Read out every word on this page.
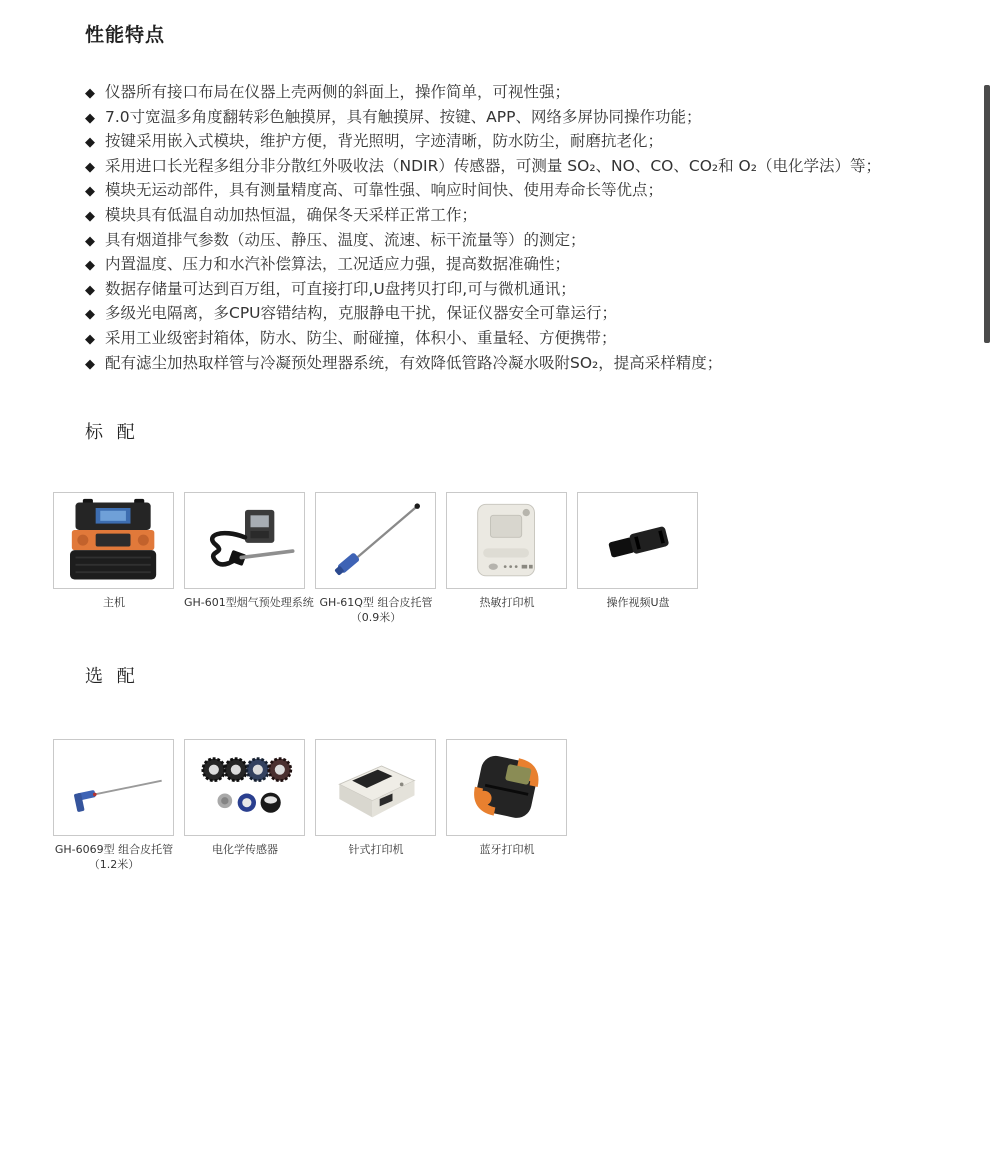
性能特点
◆ 仪器所有接口布局在仪器上壳两侧的斜面上，操作简单，可视性强；
◆ 7.0寸宽温多角度翻转彩色触摸屏，具有触摸屏、按键、APP、网络多屏协同操作功能；
◆ 按键采用嵌入式模块，维护方便，背光照明，字迹清晰，防水防尘，耐磨抗老化；
◆ 采用进口长光程多组分非分散红外吸收法（NDIR）传感器，可测量 SO₂、NO、CO、CO₂和 O₂（电化学法）等；
◆ 模块无运动部件，具有测量精度高、可靠性强、响应时间快、使用寿命长等优点；
◆ 模块具有低温自动加热恒温，确保冬天采样正常工作；
◆ 具有烟道排气参数（动压、静压、温度、流速、标干流量等）的测定；
◆ 内置温度、压力和水汽补偿算法，工况适应力强，提高数据准确性；
◆ 数据存储量可达到百万组，可直接打印,U盘拷贝打印,可与微机通讯；
◆ 多级光电隔离，多CPU容错结构，克服静电干扰，保证仪器安全可靠运行；
◆ 采用工业级密封箱体，防水、防尘、耐碰撞，体积小、重量轻、方便携带；
◆ 配有滤尘加热取样管与冷凝预处理器系统，有效降低管路冷凝水吸附SO₂，提高采样精度；
标 配
主机	GH-601型烟气预处理系统 GH-61Q型 组合皮托管
（0.9米）
热敏打印机	操作视频U盘
选 配
GH-6069型 组合皮托管
（1.2米）
电化学传感器	针式打印机	蓝牙打印机
